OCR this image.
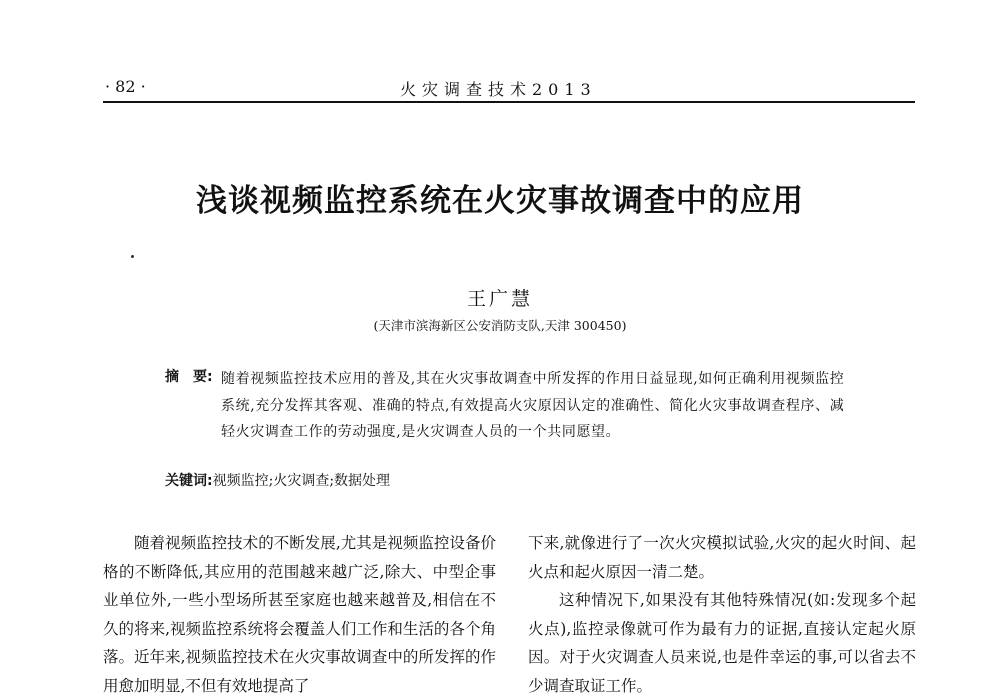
· 82 ·	火灾调查技术2013
浅谈视频监控系统在火灾事故调查中的应用
王广慧
(天津市滨海新区公安消防支队,天津 300450)
摘 要: 随着视频监控技术应用的普及,其在火灾事故调查中所发挥的作用日益显现,如何正确利用视频监控系统,充分发挥其客观、准确的特点,有效提高火灾原因认定的准确性、简化火灾事故调查程序、减轻火灾调查工作的劳动强度,是火灾调查人员的一个共同愿望。
关键词:视频监控;火灾调查;数据处理

随着视频监控技术的不断发展,尤其是视频监控设备价格的不断降低,其应用的范围越来越广泛,除大、中型企事业单位外,一些小型场所甚至家庭也越来越普及,相信在不久的将来,视频监控系统将会覆盖人们工作和生活的各个角落。近年来,视频监控技术在火灾事故调查中的所发挥的作用愈加明显,不但有效地提高了

下来,就像进行了一次火灾模拟试验,火灾的起火时间、起火点和起火原因一清二楚。

这种情况下,如果没有其他特殊情况(如:发现多个起火点),监控录像就可作为最有力的证据,直接认定起火原因。对于火灾调查人员来说,也是件幸运的事,可以省去不少调查取证工作。
